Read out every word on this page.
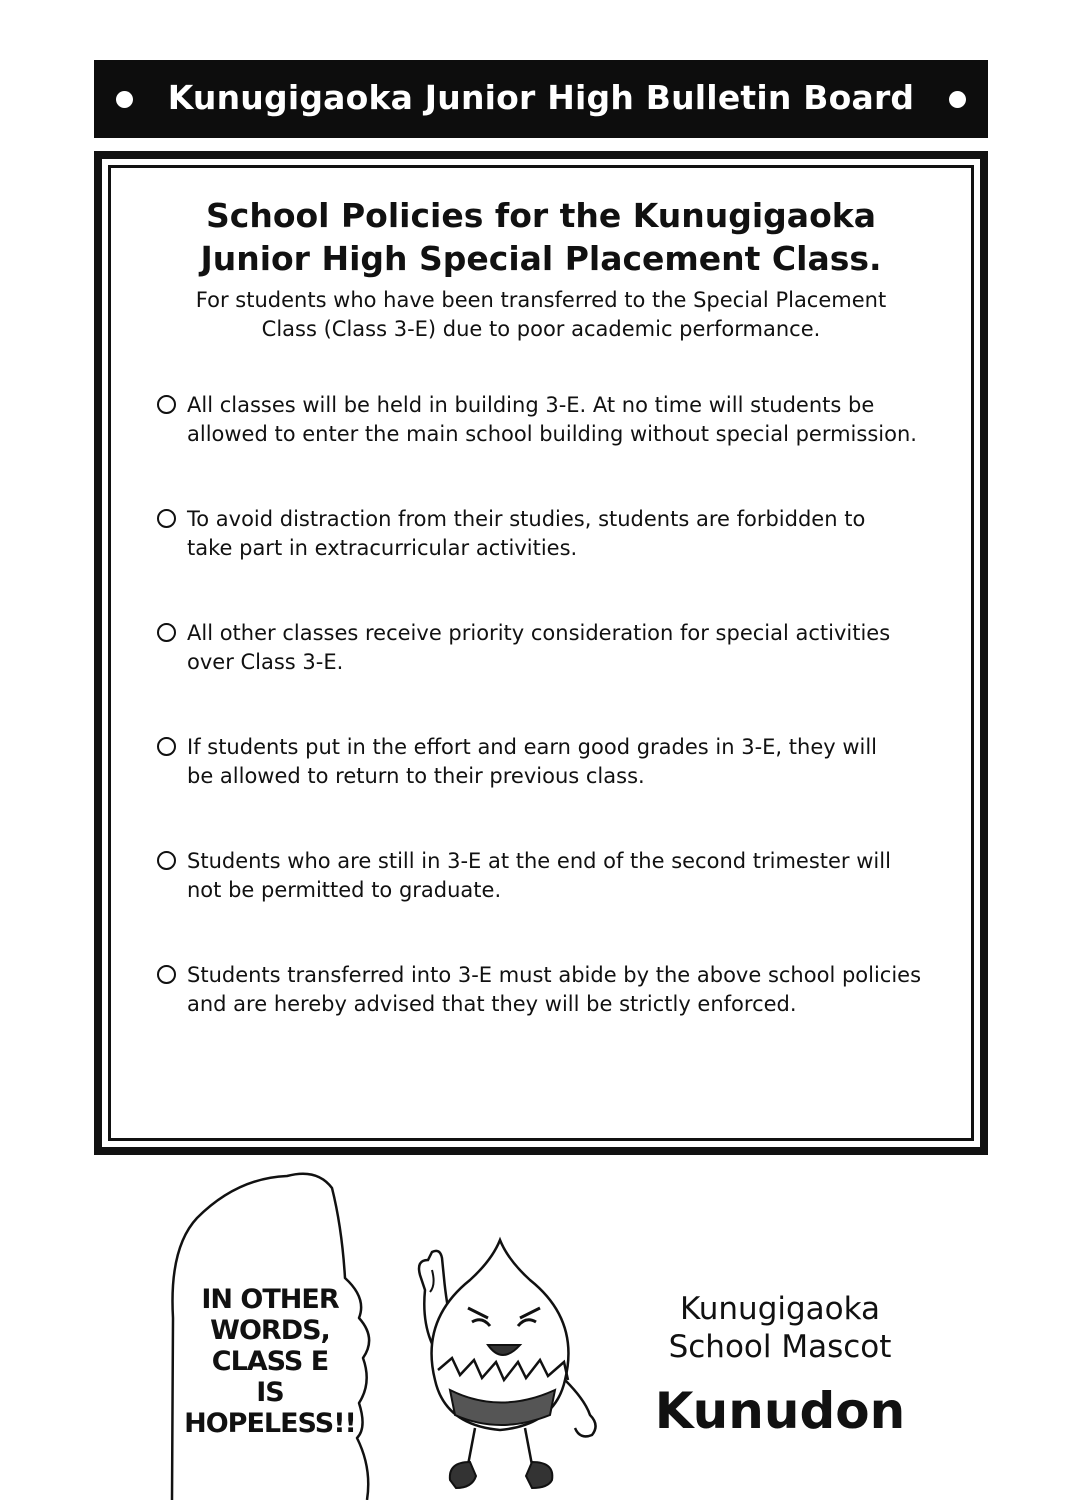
Kunugigaoka Junior High Bulletin Board
School Policies for the Kunugigaoka
Junior High Special Placement Class.
For students who have been transferred to the Special Placement
Class (Class 3-E) due to poor academic performance.
All classes will be held in building 3-E. At no time will students be
allowed to enter the main school building without special permission.
To avoid distraction from their studies, students are forbidden to
take part in extracurricular activities.
All other classes receive priority consideration for special activities
over Class 3-E.
If students put in the effort and earn good grades in 3-E, they will
be allowed to return to their previous class.
Students who are still in 3-E at the end of the second trimester will
not be permitted to graduate.
Students transferred into 3-E must abide by the above school policies
and are hereby advised that they will be strictly enforced.
IN OTHER
WORDS,
CLASS E
IS
HOPELESS!!
Kunugigaoka
School Mascot
Kunudon
